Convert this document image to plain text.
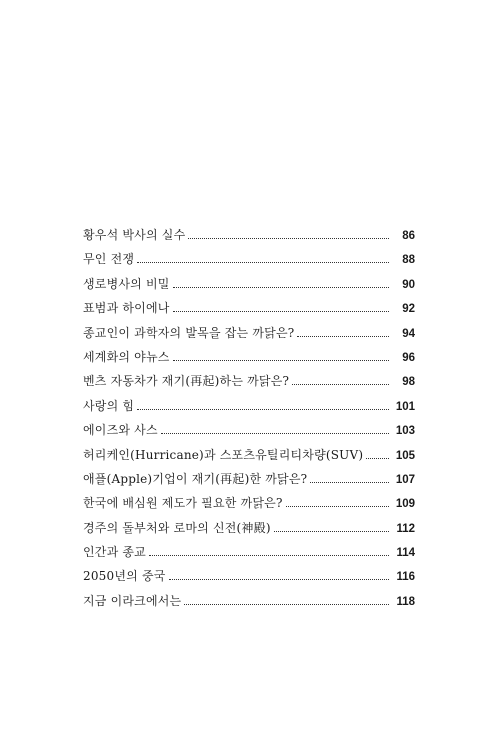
황우석 박사의 실수	86
무인 전쟁	88
생로병사의 비밀	90
표범과 하이에나	92
종교인이 과학자의 발목을 잡는 까닭은?	94
세계화의 야뉴스	96
벤츠 자동차가 재기(再起)하는 까닭은?	98
사랑의 힘	101
에이즈와 사스	103
허리케인(Hurricane)과 스포츠유틸리티차량(SUV)	105
애플(Apple)기업이 재기(再起)한 까닭은?	107
한국에 배심원 제도가 필요한 까닭은?	109
경주의 돌부처와 로마의 신전(神殿)	112
인간과 종교	114
2050년의 중국	116
지금 이라크에서는	118
